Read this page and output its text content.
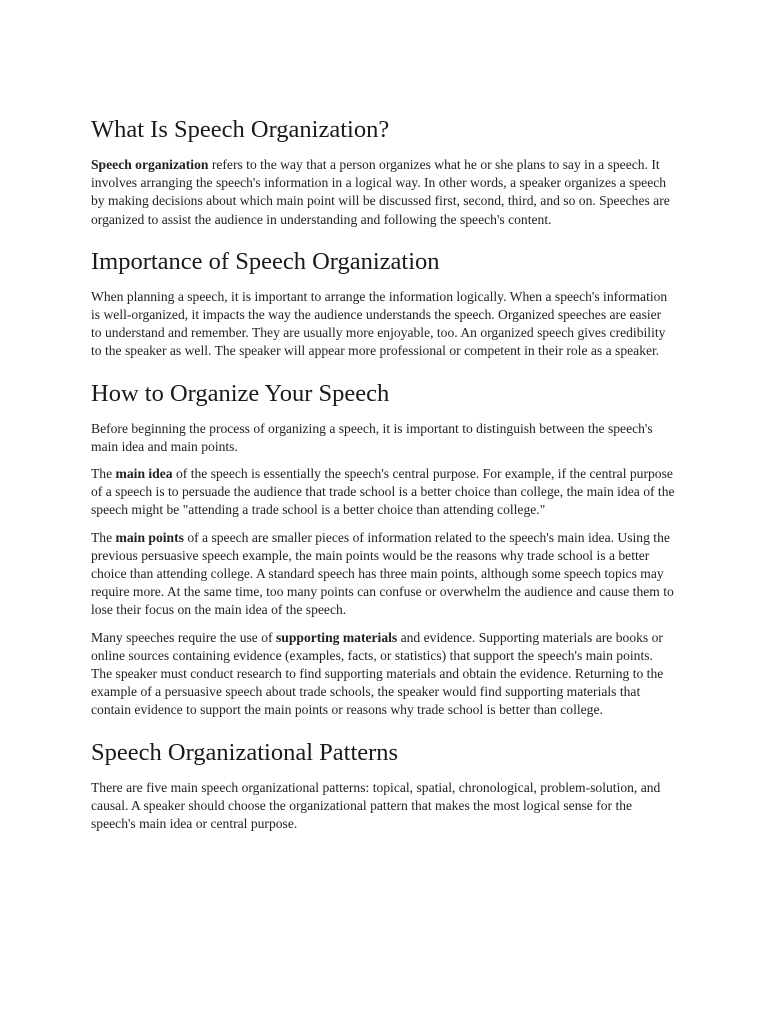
What Is Speech Organization?

Speech organization refers to the way that a person organizes what he or she plans to say in a speech. It involves arranging the speech's information in a logical way. In other words, a speaker organizes a speech by making decisions about which main point will be discussed first, second, third, and so on. Speeches are organized to assist the audience in understanding and following the speech's content.

Importance of Speech Organization

When planning a speech, it is important to arrange the information logically. When a speech's information is well-organized, it impacts the way the audience understands the speech. Organized speeches are easier to understand and remember. They are usually more enjoyable, too. An organized speech gives credibility to the speaker as well. The speaker will appear more professional or competent in their role as a speaker.

How to Organize Your Speech

Before beginning the process of organizing a speech, it is important to distinguish between the speech's main idea and main points.

The main idea of the speech is essentially the speech's central purpose. For example, if the central purpose of a speech is to persuade the audience that trade school is a better choice than college, the main idea of the speech might be "attending a trade school is a better choice than attending college."

The main points of a speech are smaller pieces of information related to the speech's main idea. Using the previous persuasive speech example, the main points would be the reasons why trade school is a better choice than attending college. A standard speech has three main points, although some speech topics may require more. At the same time, too many points can confuse or overwhelm the audience and cause them to lose their focus on the main idea of the speech.

Many speeches require the use of supporting materials and evidence. Supporting materials are books or online sources containing evidence (examples, facts, or statistics) that support the speech's main points. The speaker must conduct research to find supporting materials and obtain the evidence. Returning to the example of a persuasive speech about trade schools, the speaker would find supporting materials that contain evidence to support the main points or reasons why trade school is better than college.

Speech Organizational Patterns

There are five main speech organizational patterns: topical, spatial, chronological, problem-solution, and causal. A speaker should choose the organizational pattern that makes the most logical sense for the speech's main idea or central purpose.
